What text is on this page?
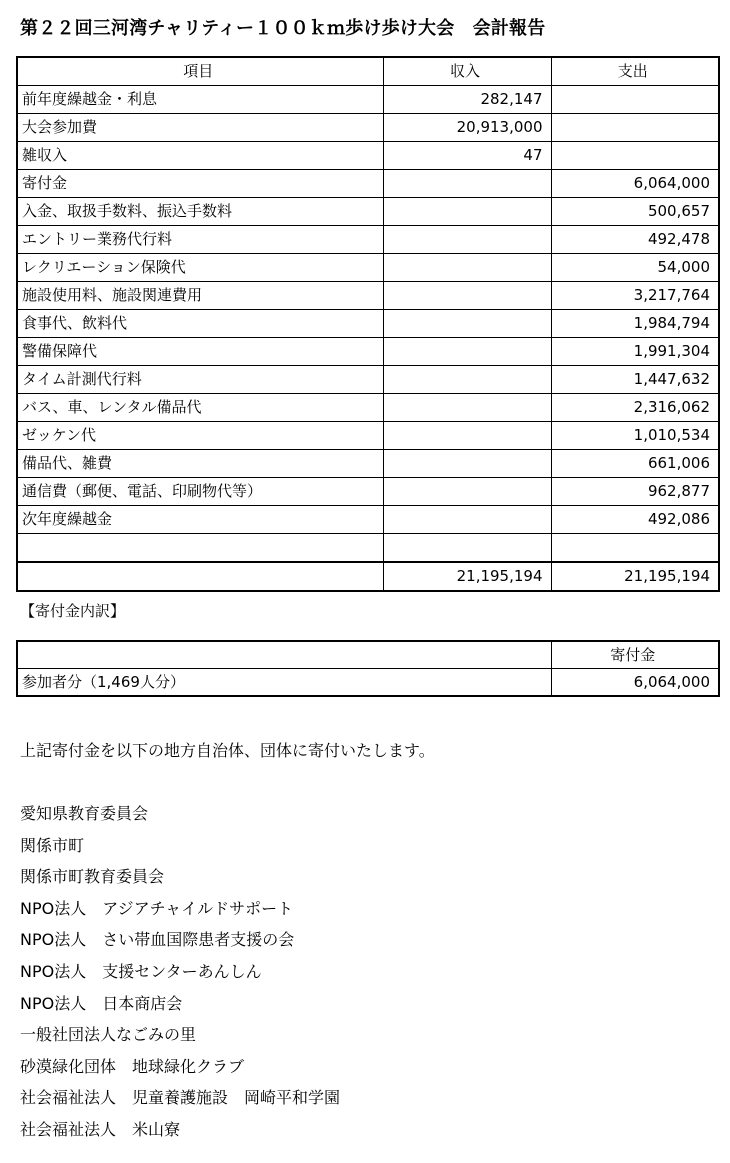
第２２回三河湾チャリティー１００ｋｍ歩け歩け大会　会計報告
項目	収入	支出
前年度繰越金・利息	282,147	
大会参加費	20,913,000	
雑収入	47	
寄付金		6,064,000
入金、取扱手数料、振込手数料		500,657
エントリー業務代行料		492,478
レクリエーション保険代		54,000
施設使用料、施設関連費用		3,217,764
食事代、飲料代		1,984,794
警備保障代		1,991,304
タイム計測代行料		1,447,632
バス、車、レンタル備品代		2,316,062
ゼッケン代		1,010,534
備品代、雑費		661,006
通信費（郵便、電話、印刷物代等）		962,877
次年度繰越金		492,086

	21,195,194	21,195,194
【寄付金内訳】
	寄付金
参加者分（1,469人分）	6,064,000
上記寄付金を以下の地方自治体、団体に寄付いたします。
愛知県教育委員会
関係市町
関係市町教育委員会
NPO法人　アジアチャイルドサポート
NPO法人　さい帯血国際患者支援の会
NPO法人　支援センターあんしん
NPO法人　日本商店会
一般社団法人なごみの里
砂漠緑化団体　地球緑化クラブ
社会福祉法人　児童養護施設　岡崎平和学園
社会福祉法人　米山寮
